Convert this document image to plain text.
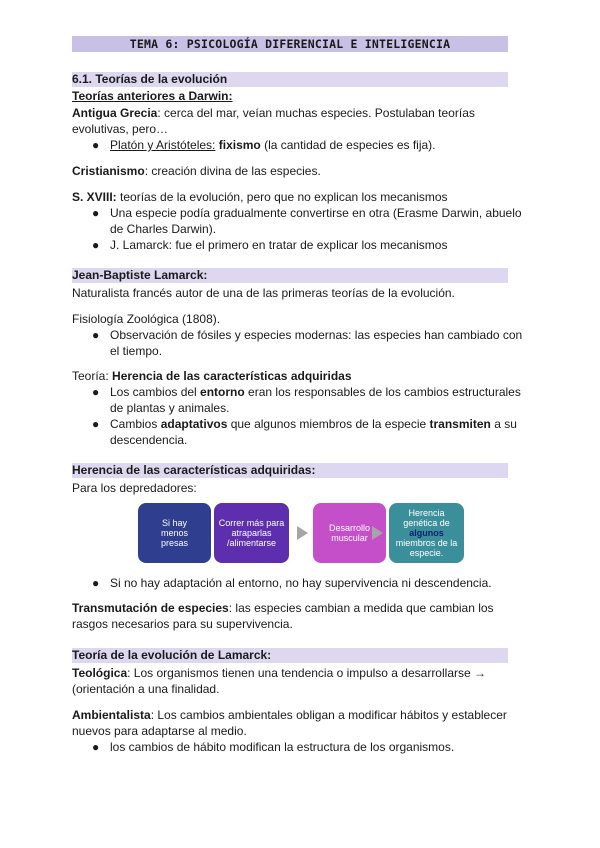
TEMA 6: PSICOLOGÍA DIFERENCIAL E INTELIGENCIA
6.1. Teorías de la evolución
Teorías anteriores a Darwin:
Antigua Grecia: cerca del mar, veían muchas especies. Postulaban teorías
evolutivas, pero…
● Platón y Aristóteles: fixismo (la cantidad de especies es fija).
Cristianismo: creación divina de las especies.
S. XVIII: teorías de la evolución, pero que no explican los mecanismos
● Una especie podía gradualmente convertirse en otra (Erasme Darwin, abuelo
de Charles Darwin).
● J. Lamarck: fue el primero en tratar de explicar los mecanismos
Jean-Baptiste Lamarck:
Naturalista francés autor de una de las primeras teorías de la evolución.
Fisiología Zoológica (1808).
● Observación de fósiles y especies modernas: las especies han cambiado con
el tiempo.
Teoría: Herencia de las características adquiridas
● Los cambios del entorno eran los responsables de los cambios estructurales
de plantas y animales.
● Cambios adaptativos que algunos miembros de la especie transmiten a su
descendencia.
Herencia de las características adquiridas:
Para los depredadores:
Si hay
menos
presas
Correr más para
atraparlas
/alimentarse
Desarrollo
muscular
Herencia
genética de
algunos
miembros de la
especie.
● Si no hay adaptación al entorno, no hay supervivencia ni descendencia.
Transmutación de especies: las especies cambian a medida que cambian los
rasgos necesarios para su supervivencia.
Teoría de la evolución de Lamarck:
Teológica: Los organismos tienen una tendencia o impulso a desarrollarse →
(orientación a una finalidad.
Ambientalista: Los cambios ambientales obligan a modificar hábitos y establecer
nuevos para adaptarse al medio.
● los cambios de hábito modifican la estructura de los organismos.
